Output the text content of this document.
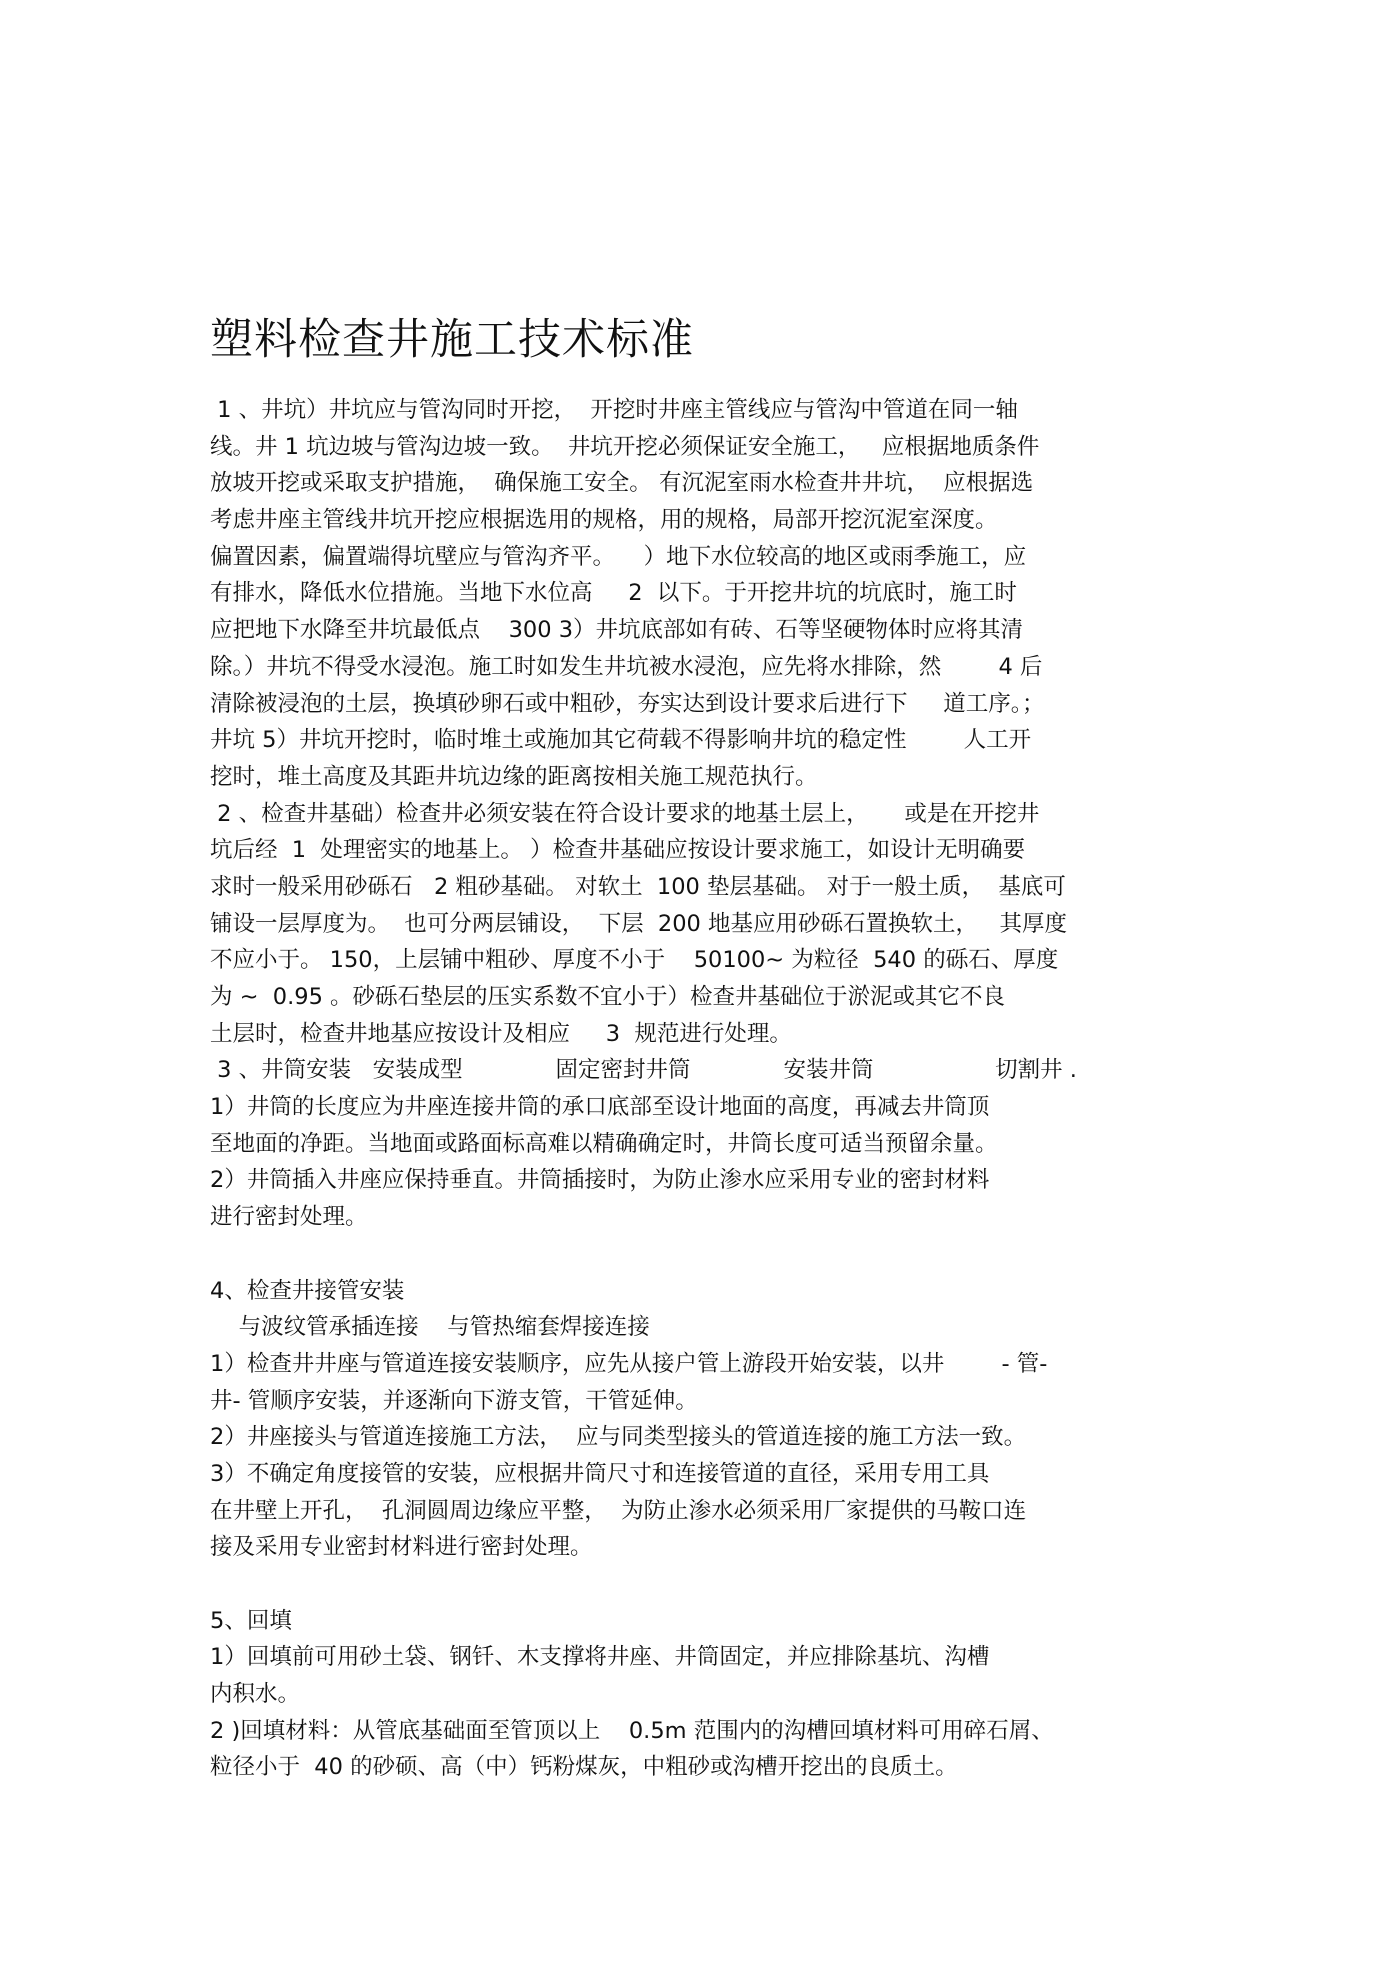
塑料检查井施工技术标准
1 、井坑）井坑应与管沟同时开挖，  开挖时井座主管线应与管沟中管道在同一轴
线。井 1 坑边坡与管沟边坡一致。  井坑开挖必须保证安全施工，   应根据地质条件
放坡开挖或采取支护措施，  确保施工安全。 有沉泥室雨水检查井井坑，  应根据选
考虑井座主管线井坑开挖应根据选用的规格，用的规格，局部开挖沉泥室深度。
偏置因素，偏置端得坑壁应与管沟齐平。    ）地下水位较高的地区或雨季施工，应
有排水，降低水位措施。当地下水位高     2  以下。于开挖井坑的坑底时，施工时
应把地下水降至井坑最低点    300 3）井坑底部如有砖、石等坚硬物体时应将其清
除。）井坑不得受水浸泡。施工时如发生井坑被水浸泡，应先将水排除，然        4 后
清除被浸泡的土层，换填砂卵石或中粗砂，夯实达到设计要求后进行下     道工序。；
井坑 5）井坑开挖时，临时堆土或施加其它荷载不得影响井坑的稳定性        人工开
挖时，堆土高度及其距井坑边缘的距离按相关施工规范执行。
2 、检查井基础）检查井必须安装在符合设计要求的地基土层上，     或是在开挖井
坑后经  1  处理密实的地基上。 ）检查井基础应按设计要求施工，如设计无明确要
求时一般采用砂砾石   2 粗砂基础。 对软土  100 垫层基础。 对于一般土质，  基底可
铺设一层厚度为。  也可分两层铺设，  下层  200 地基应用砂砾石置换软土，   其厚度
不应小于。 150，上层铺中粗砂、厚度不小于    50100~ 为粒径  540 的砾石、厚度
为 ~  0.95 。砂砾石垫层的压实系数不宜小于）检查井基础位于淤泥或其它不良
土层时，检查井地基应按设计及相应     3  规范进行处理。
3 、井筒安装   安装成型             固定密封井筒             安装井筒                 切割井 .
1）井筒的长度应为井座连接井筒的承口底部至设计地面的高度，再减去井筒顶
至地面的净距。当地面或路面标高难以精确确定时，井筒长度可适当预留余量。
2）井筒插入井座应保持垂直。井筒插接时，为防止渗水应采用专业的密封材料
进行密封处理。
4、检查井接管安装
与波纹管承插连接    与管热缩套焊接连接
1）检查井井座与管道连接安装顺序，应先从接户管上游段开始安装，以井        - 管-
井- 管顺序安装，并逐渐向下游支管，干管延伸。
2）井座接头与管道连接施工方法，  应与同类型接头的管道连接的施工方法一致。
3）不确定角度接管的安装，应根据井筒尺寸和连接管道的直径，采用专用工具
在井壁上开孔，  孔洞圆周边缘应平整，  为防止渗水必须采用厂家提供的马鞍口连
接及采用专业密封材料进行密封处理。
5、回填
1）回填前可用砂土袋、钢钎、木支撑将井座、井筒固定，并应排除基坑、沟槽
内积水。
2 )回填材料：从管底基础面至管顶以上    0.5m 范围内的沟槽回填材料可用碎石屑、
粒径小于  40 的砂硕、高（中）钙粉煤灰，中粗砂或沟槽开挖出的良质土。
